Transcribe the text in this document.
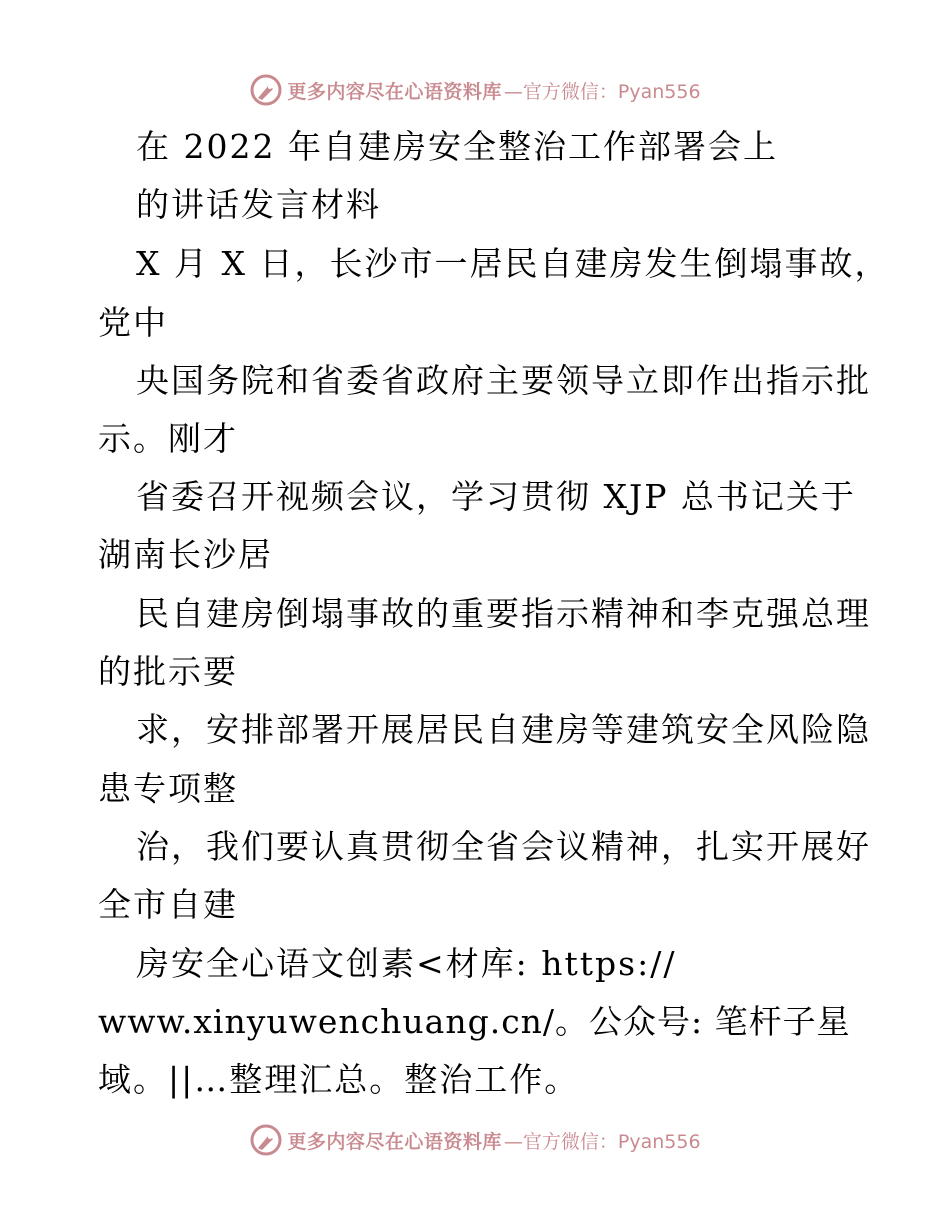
更多内容尽在心语资料库 —官方微信：Pyan556

在 2022 年自建房安全整治工作部署会上

的讲话发言材料

X 月 X 日，长沙市一居民自建房发生倒塌事故，

党中

央国务院和省委省政府主要领导立即作出指示批

示。刚才

省委召开视频会议，学习贯彻 XJP 总书记关于

湖南长沙居

民自建房倒塌事故的重要指示精神和李克强总理

的批示要

求，安排部署开展居民自建房等建筑安全风险隐

患专项整

治，我们要认真贯彻全省会议精神，扎实开展好

全市自建

房安全心语文创素<材库: https://

www.xinyuwenchuang.cn/。公众号: 笔杆子星

域。||…整理汇总。整治工作。

更多内容尽在心语资料库 —官方微信：Pyan556
